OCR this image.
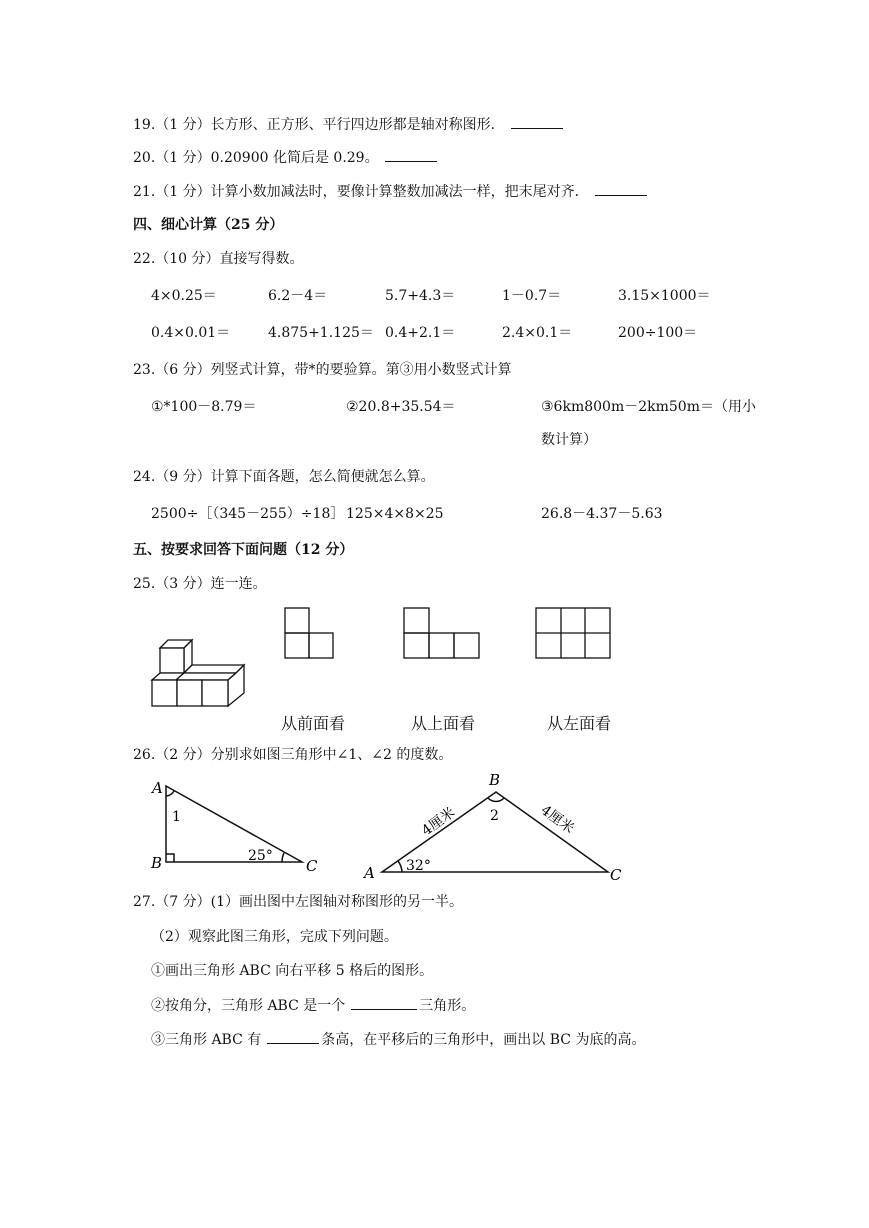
19.（1 分）长方形、正方形、平行四边形都是轴对称图形．
20.（1 分）0.20900 化简后是 0.29。
21.（1 分）计算小数加减法时，要像计算整数加减法一样，把末尾对齐．
四、细心计算（25 分）
22.（10 分）直接写得数。
4×0.25＝	6.2－4＝	5.7+4.3＝	1－0.7＝	3.15×1000＝
0.4×0.01＝	4.875+1.125＝ 0.4+2.1＝	2.4×0.1＝	200÷100＝
23.（6 分）列竖式计算，带*的要验算。第③用小数竖式计算
①*100－8.79＝	②20.8+35.54＝	③6km800m－2km50m＝（用小
数计算）
24.（9 分）计算下面各题，怎么简便就怎么算。
2500÷［（345－255）÷18］ 125×4×8×25	26.8－4.37－5.63
五、按要求回答下面问题（12 分）
25.（3 分）连一连。
从前面看	从上面看	从左面看
26.（2 分）分别求如图三角形中∠1、∠2 的度数。
A
B	C
1
25°
B
A	C
2
32°
4厘米	4厘米
27.（7 分）(1）画出图中左图轴对称图形的另一半。
（2）观察此图三角形，完成下列问题。
①画出三角形 ABC 向右平移 5 格后的图形。
②按角分，三角形 ABC 是一个	三角形。
③三角形 ABC 有	条高，在平移后的三角形中，画出以 BC 为底的高。
